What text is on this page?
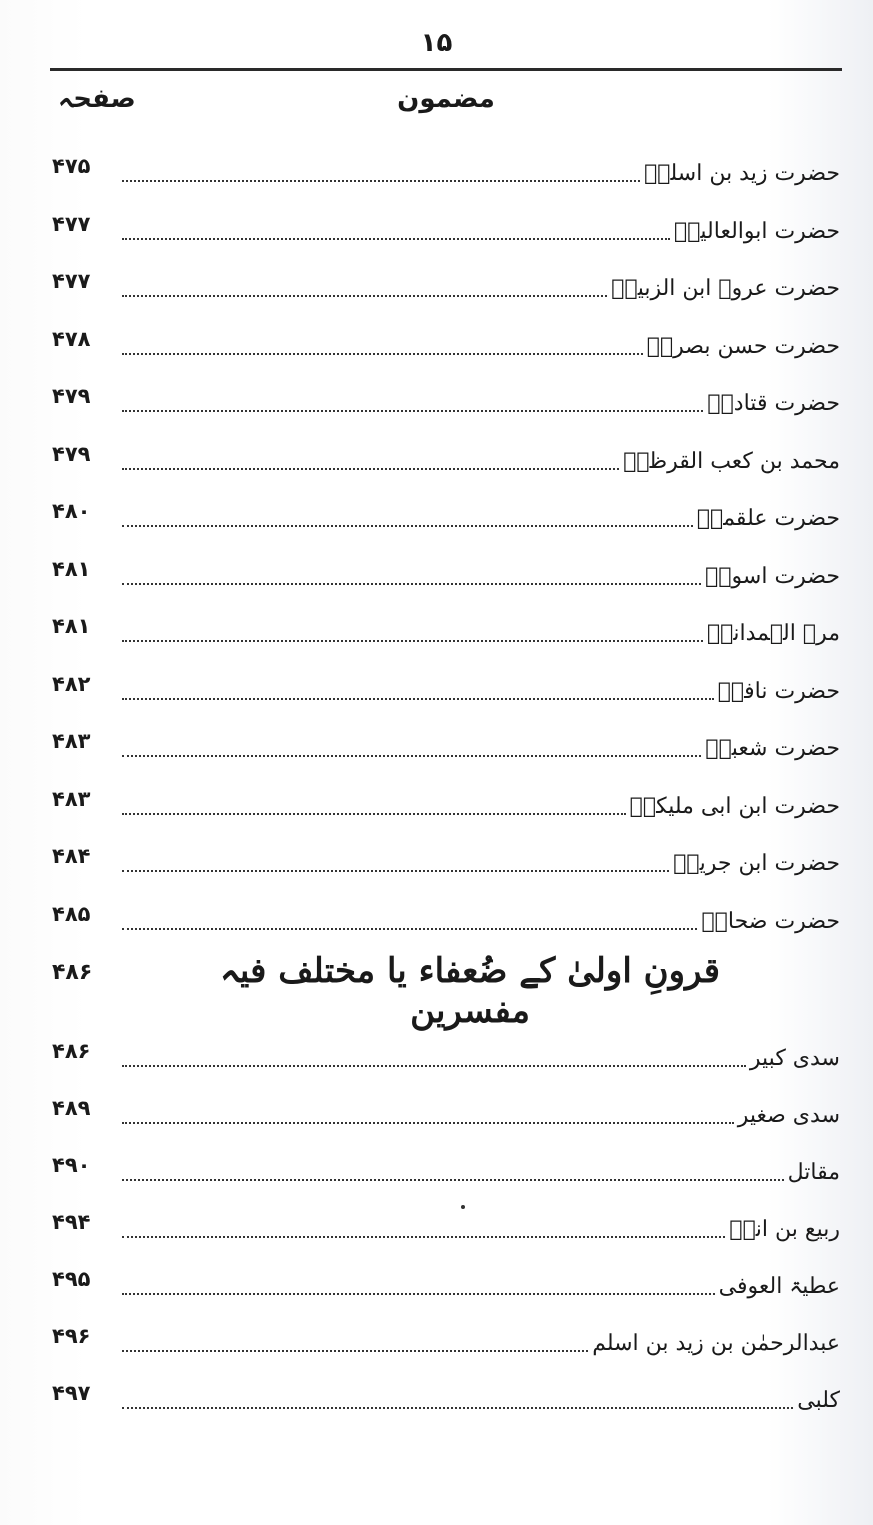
۱۵
صفحہ	مضمون
۴۷۵	حضرت زید بن اسلمؒ
۴۷۷	حضرت ابوالعالیہؒ
۴۷۷	حضرت عروۃ ابن الزبیرؒ
۴۷۸	حضرت حسن بصریؒ
۴۷۹	حضرت قتادہؒ
۴۷۹	محمد بن کعب القرظیؒ
۴۸۰	حضرت علقمہؒ
۴۸۱	حضرت اسودؒ
۴۸۱	مرۃ الہمدانیؒ
۴۸۲	حضرت نافعؒ
۴۸۳	حضرت شعبیؒ
۴۸۳	حضرت ابن ابی ملیکہؒ
۴۸۴	حضرت ابن جریجؒ
۴۸۵	حضرت ضحاکؒ
۴۸۶	قرونِ اولیٰ کے ضُعفاء یا مختلف فیہ مفسرین
۴۸۶	سدی کبیر
۴۸۹	سدی صغیر
۴۹۰	مقاتل
۴۹۴	ربیع بن انسؒ
۴۹۵	عطیۃ العوفی
۴۹۶	عبدالرحمٰن بن زید بن اسلم
۴۹۷	کلبی
